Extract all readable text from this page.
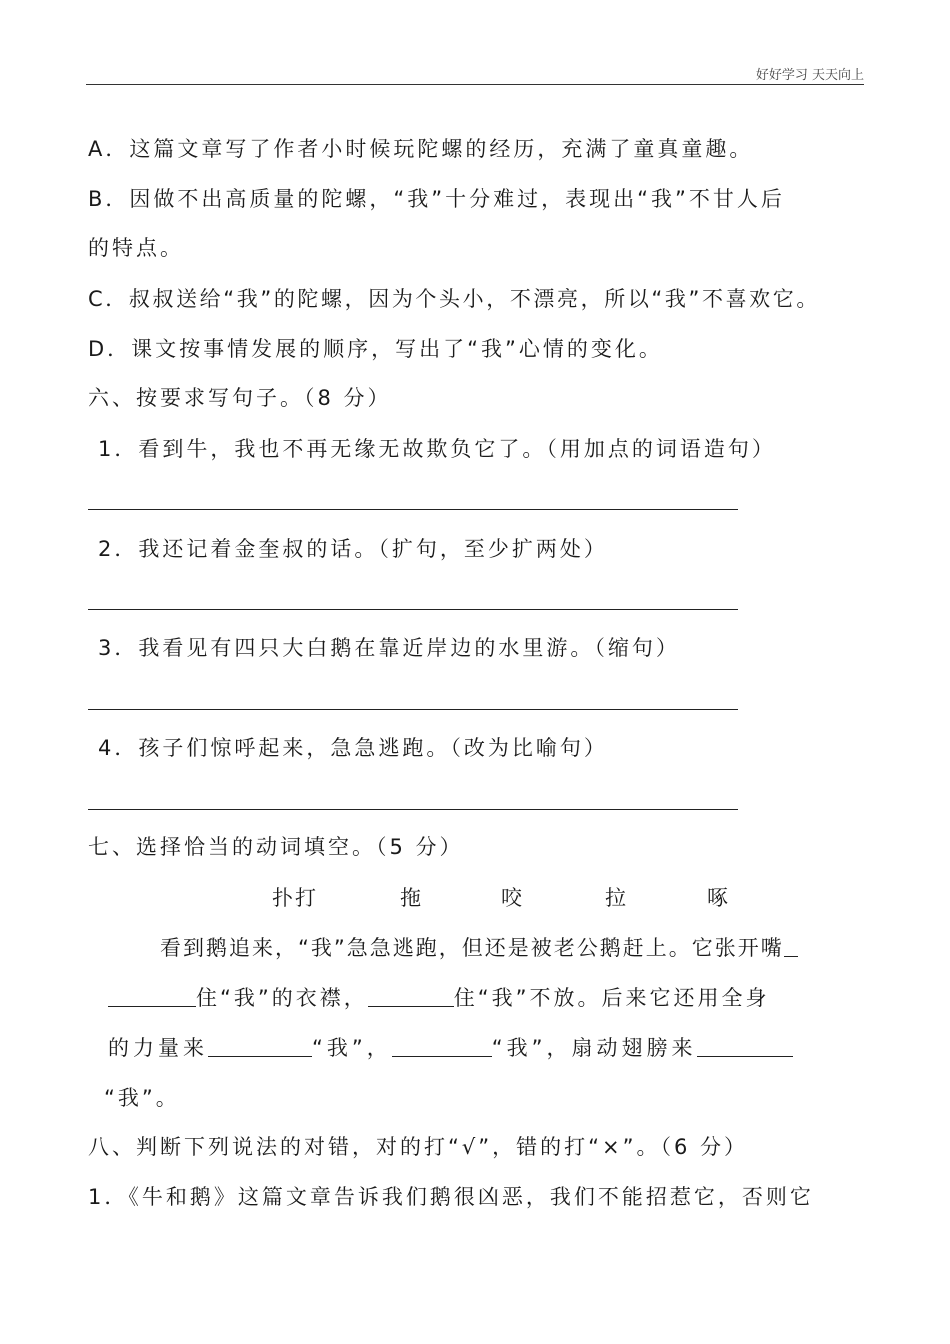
好好学习 天天向上
A．这篇文章写了作者小时候玩陀螺的经历，充满了童真童趣。
B．因做不出高质量的陀螺，“我”十分难过，表现出“我”不甘人后
的特点。
C．叔叔送给“我”的陀螺，因为个头小，不漂亮，所以“我”不喜欢它。
D．课文按事情发展的顺序，写出了“我”心情的变化。
六、按要求写句子。（8 分）
1．看到牛，我也不再无缘无故欺负它了。（用加点的词语造句）
2．我还记着金奎叔的话。（扩句，至少扩两处）
3．我看见有四只大白鹅在靠近岸边的水里游。（缩句）
4．孩子们惊呼起来，急急逃跑。（改为比喻句）
七、选择恰当的动词填空。（5 分）
扑打	拖	咬	拉	啄
看到鹅追来，“我”急急逃跑，但还是被老公鹅赶上。它张开嘴
住“我”的衣襟，	住“我”不放。后来它还用全身
的力量来	“我”，	“我”，扇动翅膀来
“我”。
八、判断下列说法的对错，对的打“√”，错的打“×”。（6 分）
1．《牛和鹅》这篇文章告诉我们鹅很凶恶，我们不能招惹它，否则它
